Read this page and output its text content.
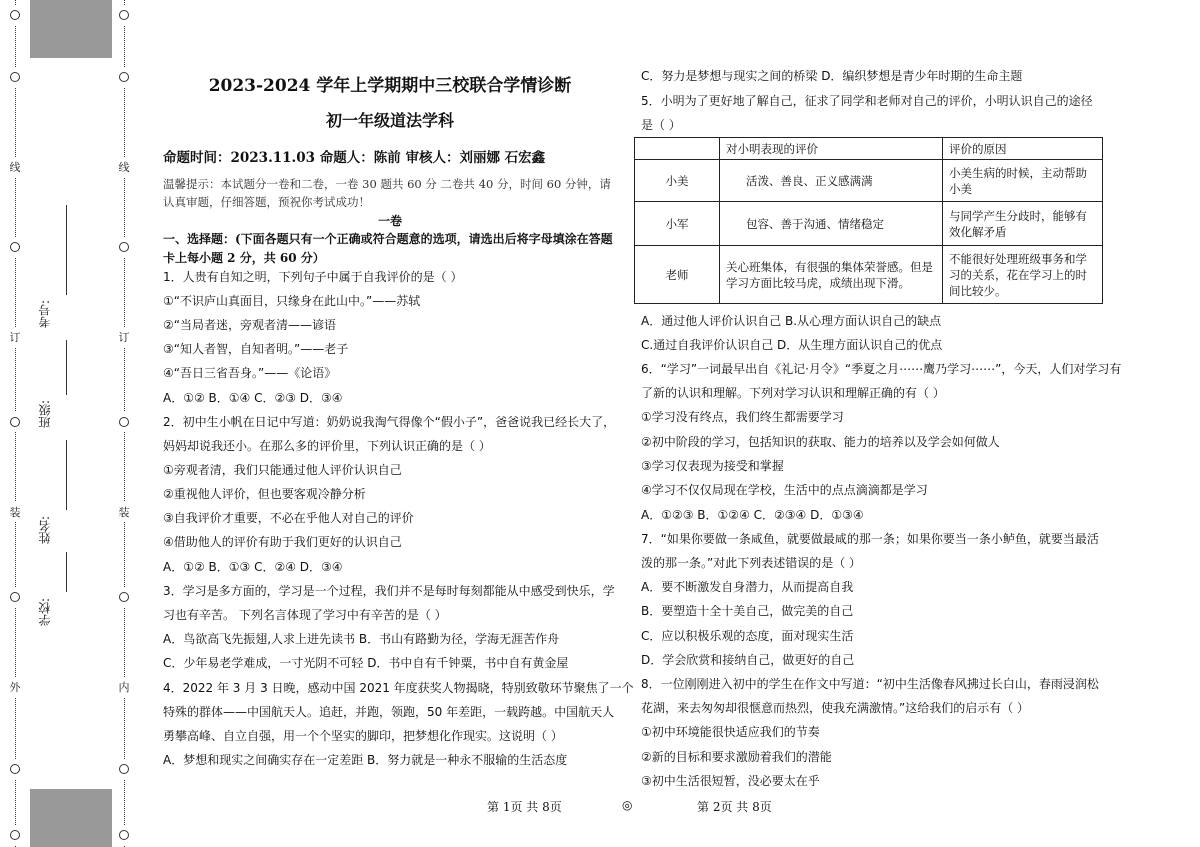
线
订
装
外
考号:
班级:
姓名:
学校:
线
订
装
内
2023-2024 学年上学期期中三校联合学情诊断
初一年级道法学科
命题时间：2023.11.03 命题人：陈前 审核人：刘丽娜 石宏鑫
温馨提示：本试题分一卷和二卷，一卷 30 题共 60 分 二卷共 40 分，时间 60 分钟，请
认真审题，仔细答题，预祝你考试成功！
一卷
一、选择题：(下面各题只有一个正确或符合题意的选项，请选出后将字母填涂在答题
卡上每小题 2 分，共 60 分）
1．人贵有自知之明，下列句子中属于自我评价的是（ ）
①“不识庐山真面目，只缘身在此山中。”——苏轼
②“当局者迷，旁观者清——谚语
③“知人者智，自知者明。”——老子
④“吾日三省吾身。”——《论语》
A．①② B．①④ C．②③ D．③④
2．初中生小帆在日记中写道：奶奶说我淘气得像个“假小子”，爸爸说我已经长大了，
妈妈却说我还小。在那么多的评价里，下列认识正确的是（ ）
①旁观者清，我们只能通过他人评价认识自己
②重视他人评价，但也要客观冷静分析
③自我评价才重要，不必在乎他人对自己的评价
④借助他人的评价有助于我们更好的认识自己
A．①② B．①③ C．②④ D．③④
3．学习是多方面的，学习是一个过程，我们并不是每时每刻都能从中感受到快乐，学
习也有辛苦。 下列名言体现了学习中有辛苦的是（ ）
A．鸟欲高飞先振翅,人求上进先读书 B．书山有路勤为径，学海无涯苦作舟
C．少年易老学难成，一寸光阴不可轻 D．书中自有千钟粟，书中自有黄金屋
4．2022 年 3 月 3 日晚，感动中国 2021 年度获奖人物揭晓，特别致敬环节聚焦了一个
特殊的群体——中国航天人。追赶，并跑，领跑，50 年差距，一载跨越。中国航天人
勇攀高峰、自立自强，用一个个坚实的脚印，把梦想化作现实。这说明（ ）
A．梦想和现实之间确实存在一定差距 B．努力就是一种永不服输的生活态度
C．努力是梦想与现实之间的桥梁 D．编织梦想是青少年时期的生命主题
5．小明为了更好地了解自己，征求了同学和老师对自己的评价，小明认识自己的途径
是（ ）
	对小明表现的评价	评价的原因
小美	活泼、善良、正义感满满	小美生病的时候，主动帮助小美
小军	包容、善于沟通、情绪稳定	与同学产生分歧时，能够有效化解矛盾
老师	关心班集体，有很强的集体荣誉感。但是学习方面比较马虎，成绩出现下滑。	不能很好处理班级事务和学习的关系，花在学习上的时间比较少。
A．通过他人评价认识自己 B.从心理方面认识自己的缺点
C.通过自我评价认识自己 D．从生理方面认识自己的优点
6．“学习”一词最早出自《礼记·月令》“季夏之月⋯⋯鹰乃学习⋯⋯”，今天，人们对学习有
了新的认识和理解。下列对学习认识和理解正确的有（ ）
①学习没有终点，我们终生都需要学习
②初中阶段的学习，包括知识的获取、能力的培养以及学会如何做人
③学习仅表现为接受和掌握
④学习不仅仅局现在学校，生活中的点点滴滴都是学习
A．①②③ B．①②④ C．②③④ D．①③④
7．“如果你要做一条咸鱼，就要做最咸的那一条；如果你要当一条小鲈鱼，就要当最活
泼的那一条。”对此下列表述错误的是（ ）
A．要不断激发自身潜力，从而提高自我
B．要塑造十全十美自己，做完美的自己
C．应以积极乐观的态度，面对现实生活
D．学会欣赏和接纳自己，做更好的自己
8．一位刚刚进入初中的学生在作文中写道：“初中生活像春风拂过长白山，春雨浸润松
花湖，来去匆匆却很惬意而热烈，使我充满激情。”这给我们的启示有（ ）
①初中环境能很快适应我们的节奏
②新的目标和要求激励着我们的潜能
③初中生活很短暂，没必要太在乎
第 1页 共 8页	◎	第 2页 共 8页
